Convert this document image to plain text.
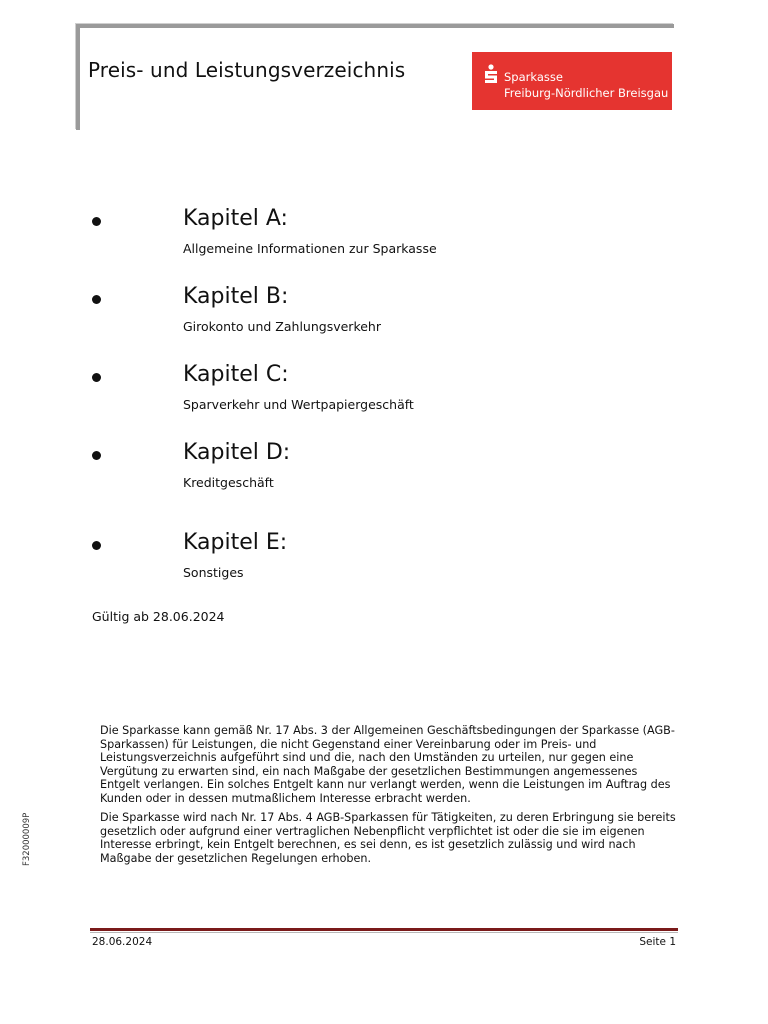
Preis- und Leistungsverzeichnis	Sparkasse
Freiburg-Nördlicher Breisgau
Kapitel A:
Allgemeine Informationen zur Sparkasse
Kapitel B:
Girokonto und Zahlungsverkehr
Kapitel C:
Sparverkehr und Wertpapiergeschäft
Kapitel D:
Kreditgeschäft
Kapitel E:
Sonstiges
Gültig ab 28.06.2024

Die Sparkasse kann gemäß Nr. 17 Abs. 3 der Allgemeinen Geschäftsbedingungen der Sparkasse (AGB-Sparkassen) für Leistungen, die nicht Gegenstand einer Vereinbarung oder im Preis- und Leistungsverzeichnis aufgeführt sind und die, nach den Umständen zu urteilen, nur gegen eine Vergütung zu erwarten sind, ein nach Maßgabe der gesetzlichen Bestimmungen angemessenes Entgelt verlangen. Ein solches Entgelt kann nur verlangt werden, wenn die Leistungen im Auftrag des Kunden oder in dessen mutmaßlichem Interesse erbracht werden.

Die Sparkasse wird nach Nr. 17 Abs. 4 AGB-Sparkassen für Tätigkeiten, zu deren Erbringung sie bereits gesetzlich oder aufgrund einer vertraglichen Nebenpflicht verpflichtet ist oder die sie im eigenen Interesse erbringt, kein Entgelt berechnen, es sei denn, es ist gesetzlich zulässig und wird nach Maßgabe der gesetzlichen Regelungen erhoben.

F32000009P
28.06.2024	Seite 1
